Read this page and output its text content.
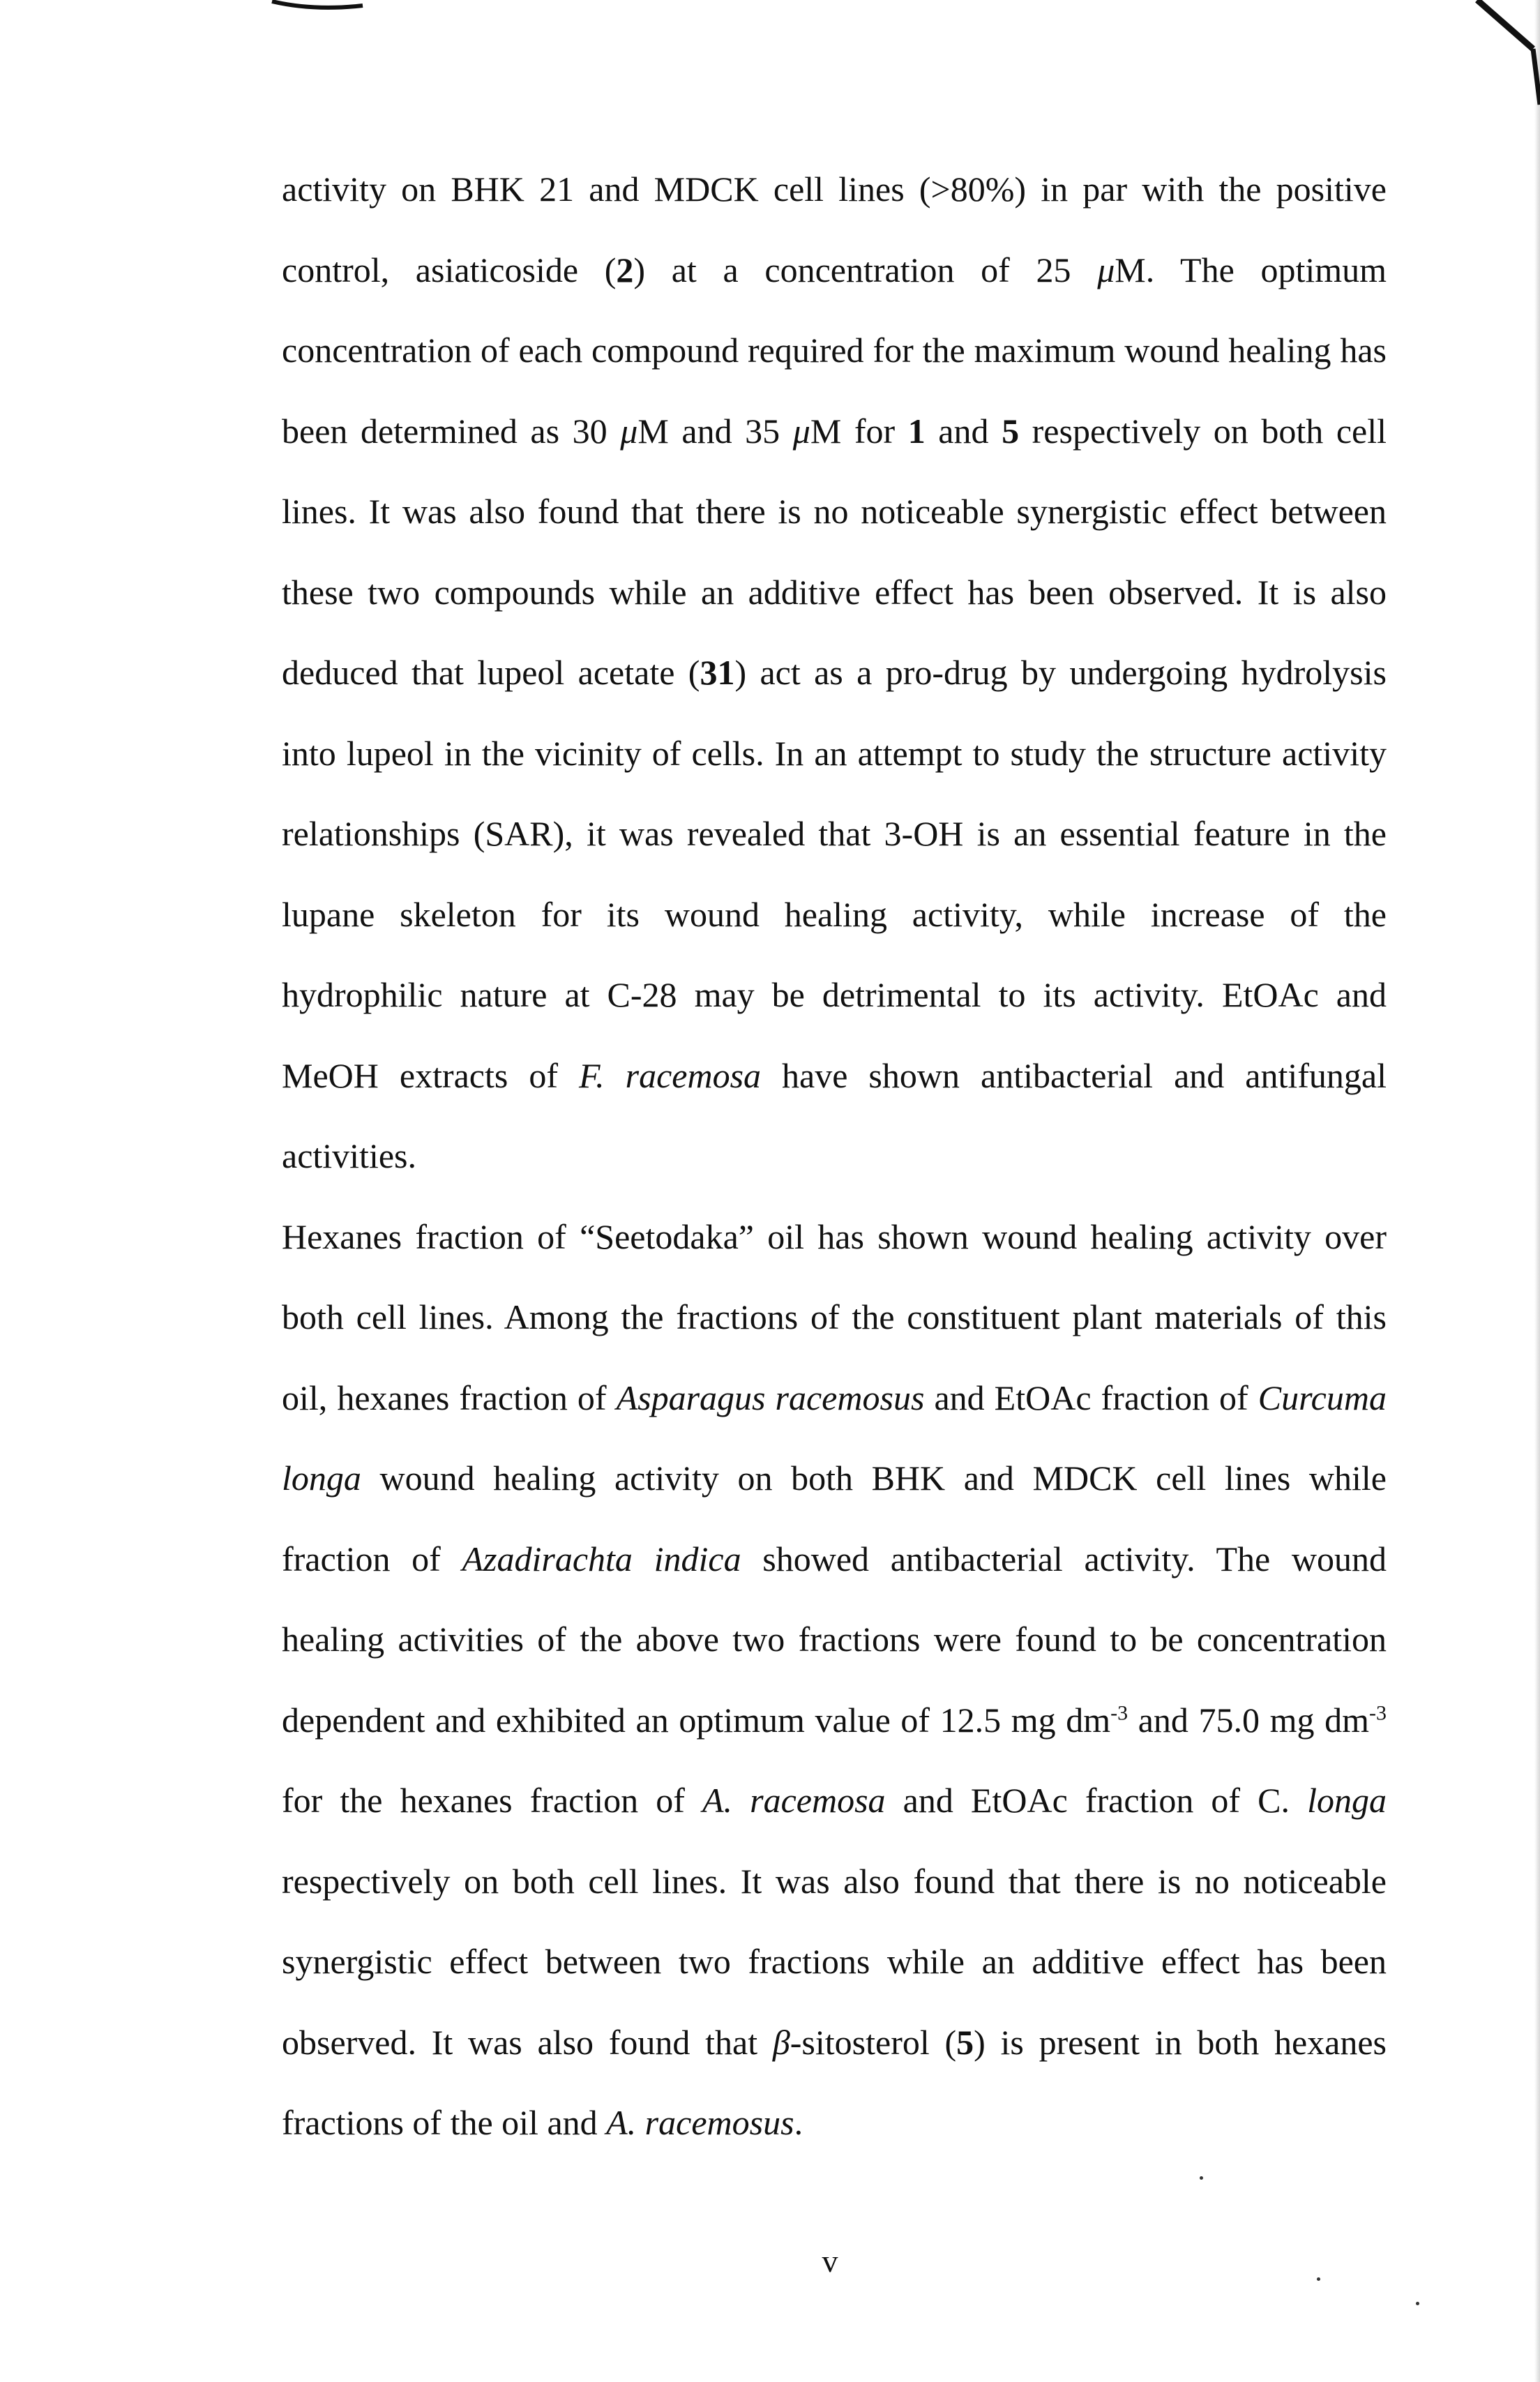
activity on BHK 21 and MDCK cell lines (>80%) in par with the positive control, asiaticoside (2) at a concentration of 25 μM. The optimum concentration of each compound required for the maximum wound healing has been determined as 30 μM and 35 μM for 1 and 5 respectively on both cell lines. It was also found that there is no noticeable synergistic effect between these two compounds while an additive effect has been observed. It is also deduced that lupeol acetate (31) act as a pro-drug by undergoing hydrolysis into lupeol in the vicinity of cells. In an attempt to study the structure activity relationships (SAR), it was revealed that 3-OH is an essential feature in the lupane skeleton for its wound healing activity, while increase of the hydrophilic nature at C-28 may be detrimental to its activity. EtOAc and MeOH extracts of F. racemosa have shown antibacterial and antifungal activities.

Hexanes fraction of “Seetodaka” oil has shown wound healing activity over both cell lines. Among the fractions of the constituent plant materials of this oil, hexanes fraction of Asparagus racemosus and EtOAc fraction of Curcuma longa wound healing activity on both BHK and MDCK cell lines while fraction of Azadirachta indica showed antibacterial activity. The wound healing activities of the above two fractions were found to be concentration dependent and exhibited an optimum value of 12.5 mg $dm^{-3}$ and 75.0 mg $dm^{-3}$ for the hexanes fraction of A. racemosa and EtOAc fraction of C. longa respectively on both cell lines. It was also found that there is no noticeable synergistic effect between two fractions while an additive effect has been observed. It was also found that β-sitosterol (5) is present in both hexanes fractions of the oil and A. racemosus.

v
